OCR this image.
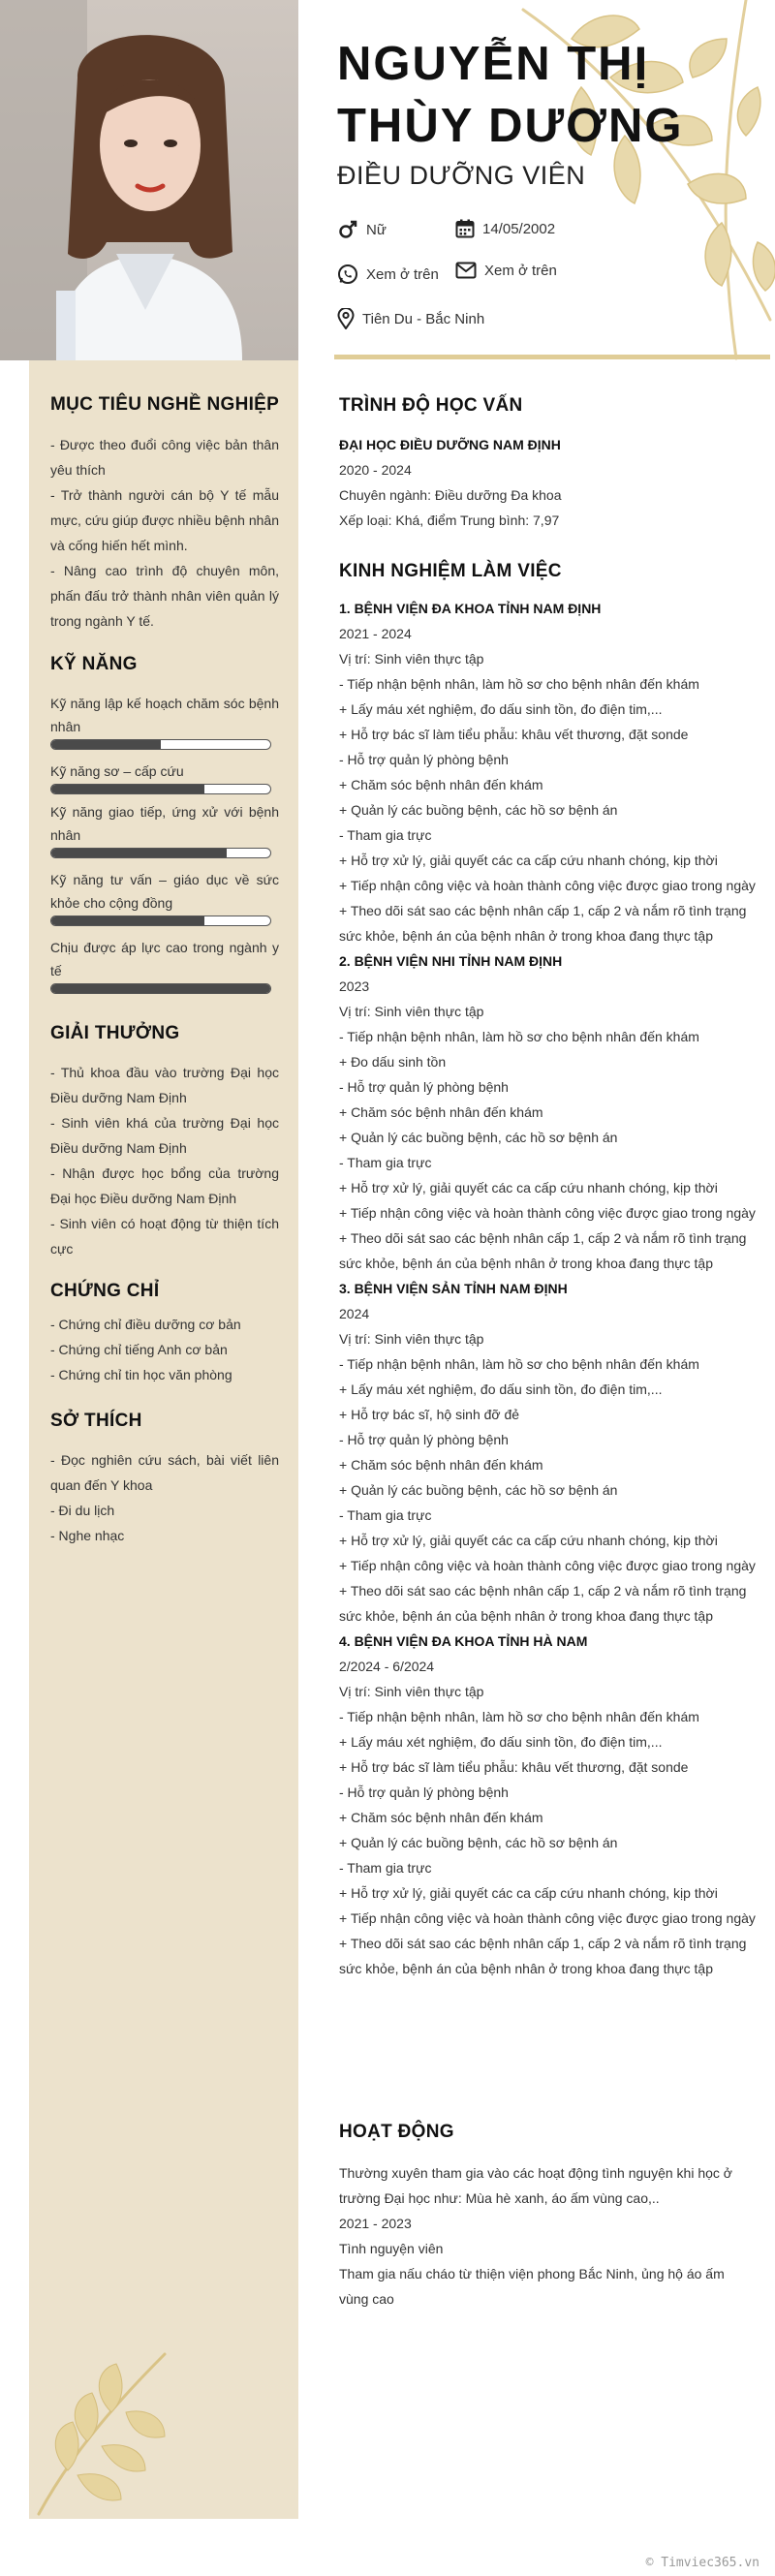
NGUYỄN THỊ
THÙY DƯƠNG
ĐIỀU DƯỠNG VIÊN
Nữ	14/05/2002
Xem ở trên	Xem ở trên
Tiên Du - Bắc Ninh
MỤC TIÊU NGHỀ NGHIỆP

- Được theo đuổi công việc bản thân yêu thích

- Trở thành người cán bộ Y tế mẫu mực, cứu giúp được nhiều bệnh nhân và cống hiến hết mình.

- Nâng cao trình độ chuyên môn, phấn đấu trở thành nhân viên quản lý trong ngành Y tế.

KỸ NĂNG
Kỹ năng lập kế hoạch chăm sóc bệnh nhân
Kỹ năng sơ – cấp cứu
Kỹ năng giao tiếp, ứng xử với bệnh nhân
Kỹ năng tư vấn – giáo dục về sức khỏe cho cộng đồng
Chịu được áp lực cao trong ngành y tế
GIẢI THƯỞNG

- Thủ khoa đầu vào trường Đại học Điều dưỡng Nam Định

- Sinh viên khá của trường Đại học Điều dưỡng Nam Định

- Nhận được học bổng của trường Đại học Điều dưỡng Nam Định

- Sinh viên có hoạt động từ thiện tích cực

CHỨNG CHỈ

- Chứng chỉ điều dưỡng cơ bản

- Chứng chỉ tiếng Anh cơ bản

- Chứng chỉ tin học văn phòng

SỞ THÍCH

- Đọc nghiên cứu sách, bài viết liên quan đến Y khoa

- Đi du lịch

- Nghe nhạc

TRÌNH ĐỘ HỌC VẤN

ĐẠI HỌC ĐIỀU DƯỠNG NAM ĐỊNH

2020 - 2024

Chuyên ngành: Điều dưỡng Đa khoa

Xếp loại: Khá, điểm Trung bình: 7,97

KINH NGHIỆM LÀM VIỆC

1. BỆNH VIỆN ĐA KHOA TỈNH NAM ĐỊNH

2021 - 2024

Vị trí: Sinh viên thực tập

- Tiếp nhận bệnh nhân, làm hồ sơ cho bệnh nhân đến khám

+ Lấy máu xét nghiệm, đo dấu sinh tồn, đo điện tim,...

+ Hỗ trợ bác sĩ làm tiểu phẫu: khâu vết thương, đặt sonde

- Hỗ trợ quản lý phòng bệnh

+ Chăm sóc bệnh nhân đến khám

+ Quản lý các buồng bệnh, các hồ sơ bệnh án

- Tham gia trực

+ Hỗ trợ xử lý, giải quyết các ca cấp cứu nhanh chóng, kịp thời

+ Tiếp nhận công việc và hoàn thành công việc được giao trong ngày

+ Theo dõi sát sao các bệnh nhân cấp 1, cấp 2 và nắm rõ tình trạng sức khỏe, bệnh án của bệnh nhân ở trong khoa đang thực tập

2. BỆNH VIỆN NHI TỈNH NAM ĐỊNH

2023

Vị trí: Sinh viên thực tập

- Tiếp nhận bệnh nhân, làm hồ sơ cho bệnh nhân đến khám

+ Đo dấu sinh tồn

- Hỗ trợ quản lý phòng bệnh

+ Chăm sóc bệnh nhân đến khám

+ Quản lý các buồng bệnh, các hồ sơ bệnh án

- Tham gia trực

+ Hỗ trợ xử lý, giải quyết các ca cấp cứu nhanh chóng, kịp thời

+ Tiếp nhận công việc và hoàn thành công việc được giao trong ngày

+ Theo dõi sát sao các bệnh nhân cấp 1, cấp 2 và nắm rõ tình trạng sức khỏe, bệnh án của bệnh nhân ở trong khoa đang thực tập

3. BỆNH VIỆN SẢN TỈNH NAM ĐỊNH

2024

Vị trí: Sinh viên thực tập

- Tiếp nhận bệnh nhân, làm hồ sơ cho bệnh nhân đến khám

+ Lấy máu xét nghiệm, đo dấu sinh tồn, đo điện tim,...

+ Hỗ trợ bác sĩ, hộ sinh đỡ đẻ

- Hỗ trợ quản lý phòng bệnh

+ Chăm sóc bệnh nhân đến khám

+ Quản lý các buồng bệnh, các hồ sơ bệnh án

- Tham gia trực

+ Hỗ trợ xử lý, giải quyết các ca cấp cứu nhanh chóng, kịp thời

+ Tiếp nhận công việc và hoàn thành công việc được giao trong ngày

+ Theo dõi sát sao các bệnh nhân cấp 1, cấp 2 và nắm rõ tình trạng sức khỏe, bệnh án của bệnh nhân ở trong khoa đang thực tập

4. BỆNH VIỆN ĐA KHOA TỈNH HÀ NAM

2/2024 - 6/2024

Vị trí: Sinh viên thực tập

- Tiếp nhận bệnh nhân, làm hồ sơ cho bệnh nhân đến khám

+ Lấy máu xét nghiệm, đo dấu sinh tồn, đo điện tim,...

+ Hỗ trợ bác sĩ làm tiểu phẫu: khâu vết thương, đặt sonde

- Hỗ trợ quản lý phòng bệnh

+ Chăm sóc bệnh nhân đến khám

+ Quản lý các buồng bệnh, các hồ sơ bệnh án

- Tham gia trực

+ Hỗ trợ xử lý, giải quyết các ca cấp cứu nhanh chóng, kịp thời

+ Tiếp nhận công việc và hoàn thành công việc được giao trong ngày

+ Theo dõi sát sao các bệnh nhân cấp 1, cấp 2 và nắm rõ tình trạng sức khỏe, bệnh án của bệnh nhân ở trong khoa đang thực tập

HOẠT ĐỘNG

Thường xuyên tham gia vào các hoạt động tình nguyện khi học ở trường Đại học như: Mùa hè xanh, áo ấm vùng cao,..

2021 - 2023

Tình nguyện viên

Tham gia nấu cháo từ thiện viện phong Bắc Ninh, ủng hộ áo ấm vùng cao

© Timviec365.vn
